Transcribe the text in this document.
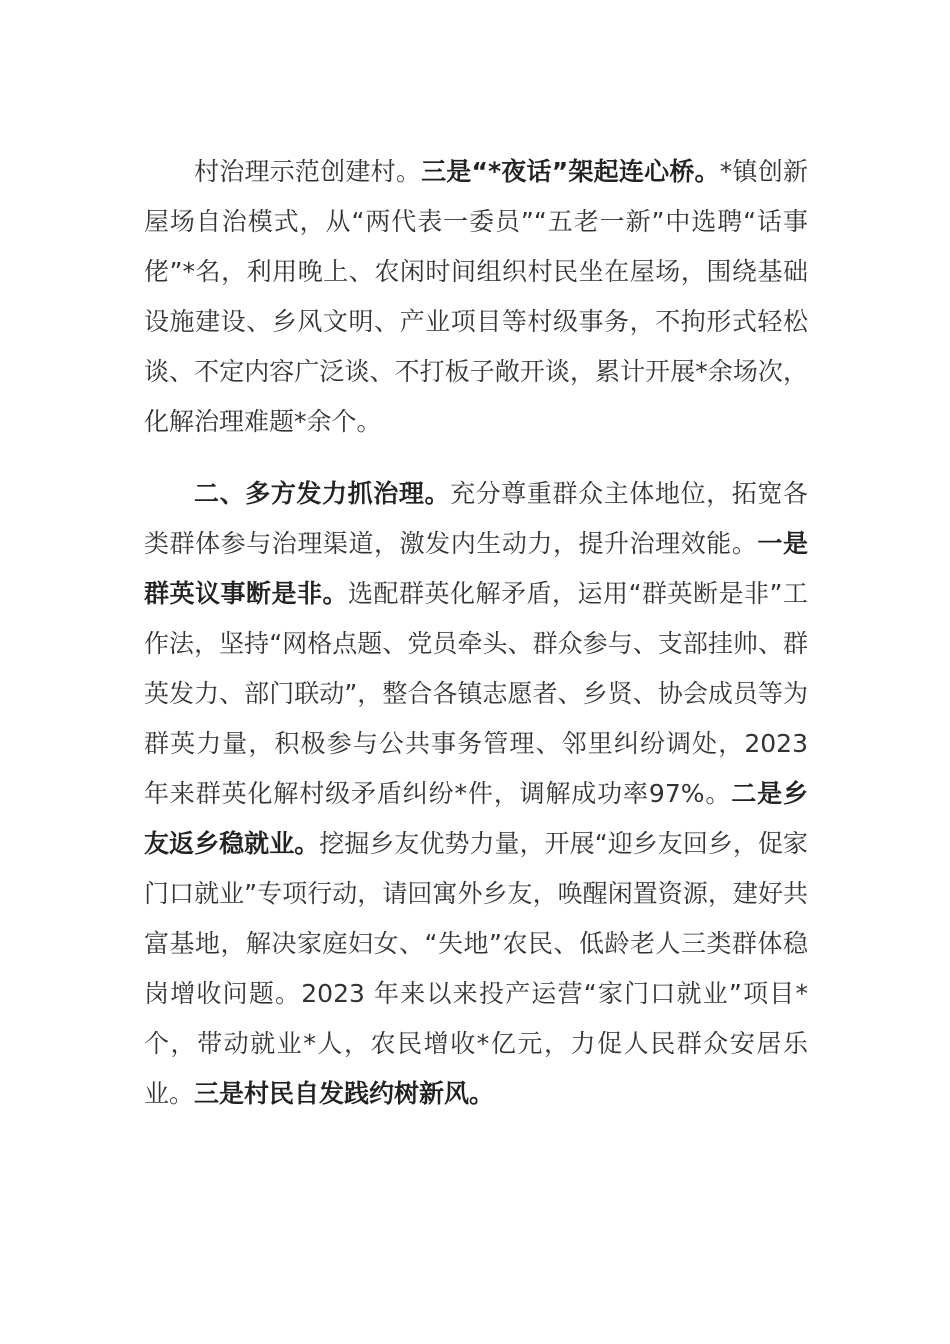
村治理示范创建村。三是“*夜话”架起连心桥。*镇创新屋场自治模式，从“两代表一委员”“五老一新”中选聘“话事佬”*名，利用晚上、农闲时间组织村民坐在屋场，围绕基础设施建设、乡风文明、产业项目等村级事务，不拘形式轻松谈、不定内容广泛谈、不打板子敞开谈，累计开展*余场次，化解治理难题*余个。

二、多方发力抓治理。充分尊重群众主体地位，拓宽各类群体参与治理渠道，激发内生动力，提升治理效能。一是群英议事断是非。选配群英化解矛盾，运用“群英断是非”工作法，坚持“网格点题、党员牵头、群众参与、支部挂帅、群英发力、部门联动”，整合各镇志愿者、乡贤、协会成员等为群英力量，积极参与公共事务管理、邻里纠纷调处，2023 年来群英化解村级矛盾纠纷*件，调解成功率97%。二是乡友返乡稳就业。挖掘乡友优势力量，开展“迎乡友回乡，促家门口就业”专项行动，请回寓外乡友，唤醒闲置资源，建好共富基地，解决家庭妇女、“失地”农民、低龄老人三类群体稳岗增收问题。2023 年来以来投产运营“家门口就业”项目*个，带动就业*人，农民增收*亿元，力促人民群众安居乐业。三是村民自发践约树新风。
